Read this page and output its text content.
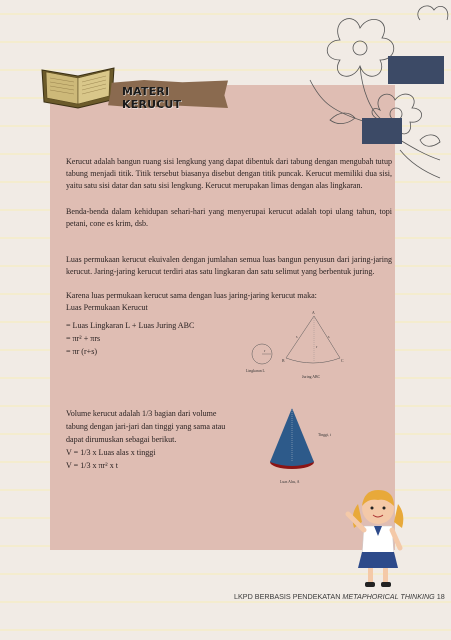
MATERI KERUCUT

Kerucut adalah bangun ruang sisi lengkung yang dapat dibentuk dari tabung dengan mengubah tutup tabung menjadi titik. Titik tersebut biasanya disebut dengan titik puncak. Kerucut memiliki dua sisi, yaitu satu sisi datar dan satu sisi lengkung. Kerucut merupakan limas dengan alas lingkaran.

Benda-benda dalam kehidupan sehari-hari yang menyerupai kerucut adalah topi ulang tahun, topi petani, cone es krim, dsb.

Luas permukaan kerucut ekuivalen dengan jumlahan semua luas bangun penyusun dari jaring-jaring kerucut. Jaring-jaring kerucut terdiri atas satu lingkaran dan satu selimut yang berbentuk juring.

Karena luas permukaan kerucut sama dengan luas jaring-jaring kerucut maka:

Luas Permukaan Kerucut

= Luas Lingkaran L + Luas Juring ABC

= πr² + πrs

= πr (r+s)

Volume kerucut adalah 1/3 bagian dari volume

tabung dengan jari-jari dan tinggi yang sama atau

dapat dirumuskan sebagai berikut.

V = 1/3 x Luas alas x tinggi

V = 1/3 x πr² x t

r
Lingkaran L
A
B	C
s	s
r
Juring ABC
Tinggi, t
Luas Alas, A
LKPD BERBASIS PENDEKATAN METAPHORICAL THINKING 18
